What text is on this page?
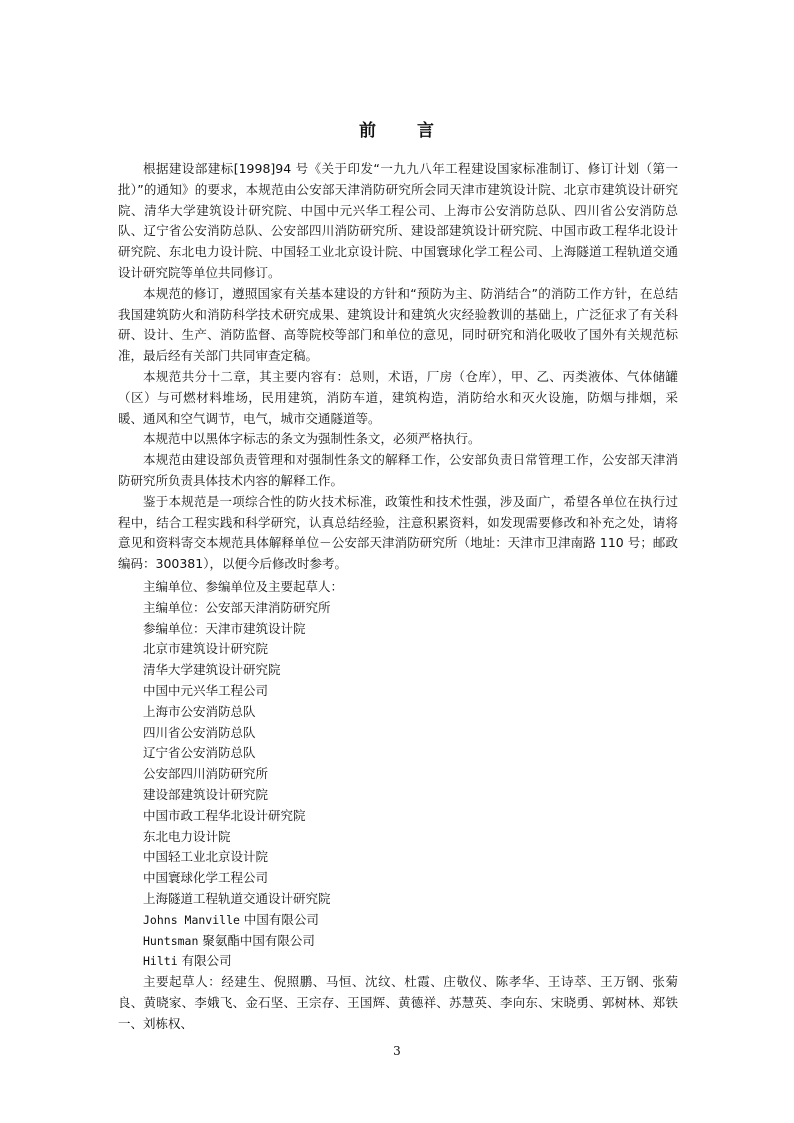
前 言

根据建设部建标[1998]94 号《关于印发“一九九八年工程建设国家标准制订、修订计划（第一批）”的通知》的要求，本规范由公安部天津消防研究所会同天津市建筑设计院、北京市建筑设计研究院、清华大学建筑设计研究院、中国中元兴华工程公司、上海市公安消防总队、四川省公安消防总队、辽宁省公安消防总队、公安部四川消防研究所、建设部建筑设计研究院、中国市政工程华北设计研究院、东北电力设计院、中国轻工业北京设计院、中国寰球化学工程公司、上海隧道工程轨道交通设计研究院等单位共同修订。

本规范的修订，遵照国家有关基本建设的方针和“预防为主、防消结合”的消防工作方针，在总结我国建筑防火和消防科学技术研究成果、建筑设计和建筑火灾经验教训的基础上，广泛征求了有关科研、设计、生产、消防监督、高等院校等部门和单位的意见，同时研究和消化吸收了国外有关规范标准，最后经有关部门共同审查定稿。

本规范共分十二章，其主要内容有：总则，术语，厂房（仓库），甲、乙、丙类液体、气体储罐（区）与可燃材料堆场，民用建筑，消防车道，建筑构造，消防给水和灭火设施，防烟与排烟，采暖、通风和空气调节，电气，城市交通隧道等。

本规范中以黑体字标志的条文为强制性条文，必须严格执行。

本规范由建设部负责管理和对强制性条文的解释工作，公安部负责日常管理工作，公安部天津消防研究所负责具体技术内容的解释工作。

鉴于本规范是一项综合性的防火技术标准，政策性和技术性强，涉及面广，希望各单位在执行过程中，结合工程实践和科学研究，认真总结经验，注意积累资料，如发现需要修改和补充之处，请将意见和资料寄交本规范具体解释单位－公安部天津消防研究所（地址：天津市卫津南路 110 号；邮政编码：300381），以便今后修改时参考。

主编单位、参编单位及主要起草人：

主编单位：公安部天津消防研究所

参编单位：天津市建筑设计院

北京市建筑设计研究院

清华大学建筑设计研究院

中国中元兴华工程公司

上海市公安消防总队

四川省公安消防总队

辽宁省公安消防总队

公安部四川消防研究所

建设部建筑设计研究院

中国市政工程华北设计研究院

东北电力设计院

中国轻工业北京设计院

中国寰球化学工程公司

上海隧道工程轨道交通设计研究院

Johns Manville 中国有限公司

Huntsman 聚氨酯中国有限公司

Hilti 有限公司

主要起草人：经建生、倪照鹏、马恒、沈纹、杜霞、庄敬仪、陈孝华、王诗萃、王万钢、张菊良、黄晓家、李娥飞、金石坚、王宗存、王国辉、黄德祥、苏慧英、李向东、宋晓勇、郭树林、郑铁一、刘栋权、

3
